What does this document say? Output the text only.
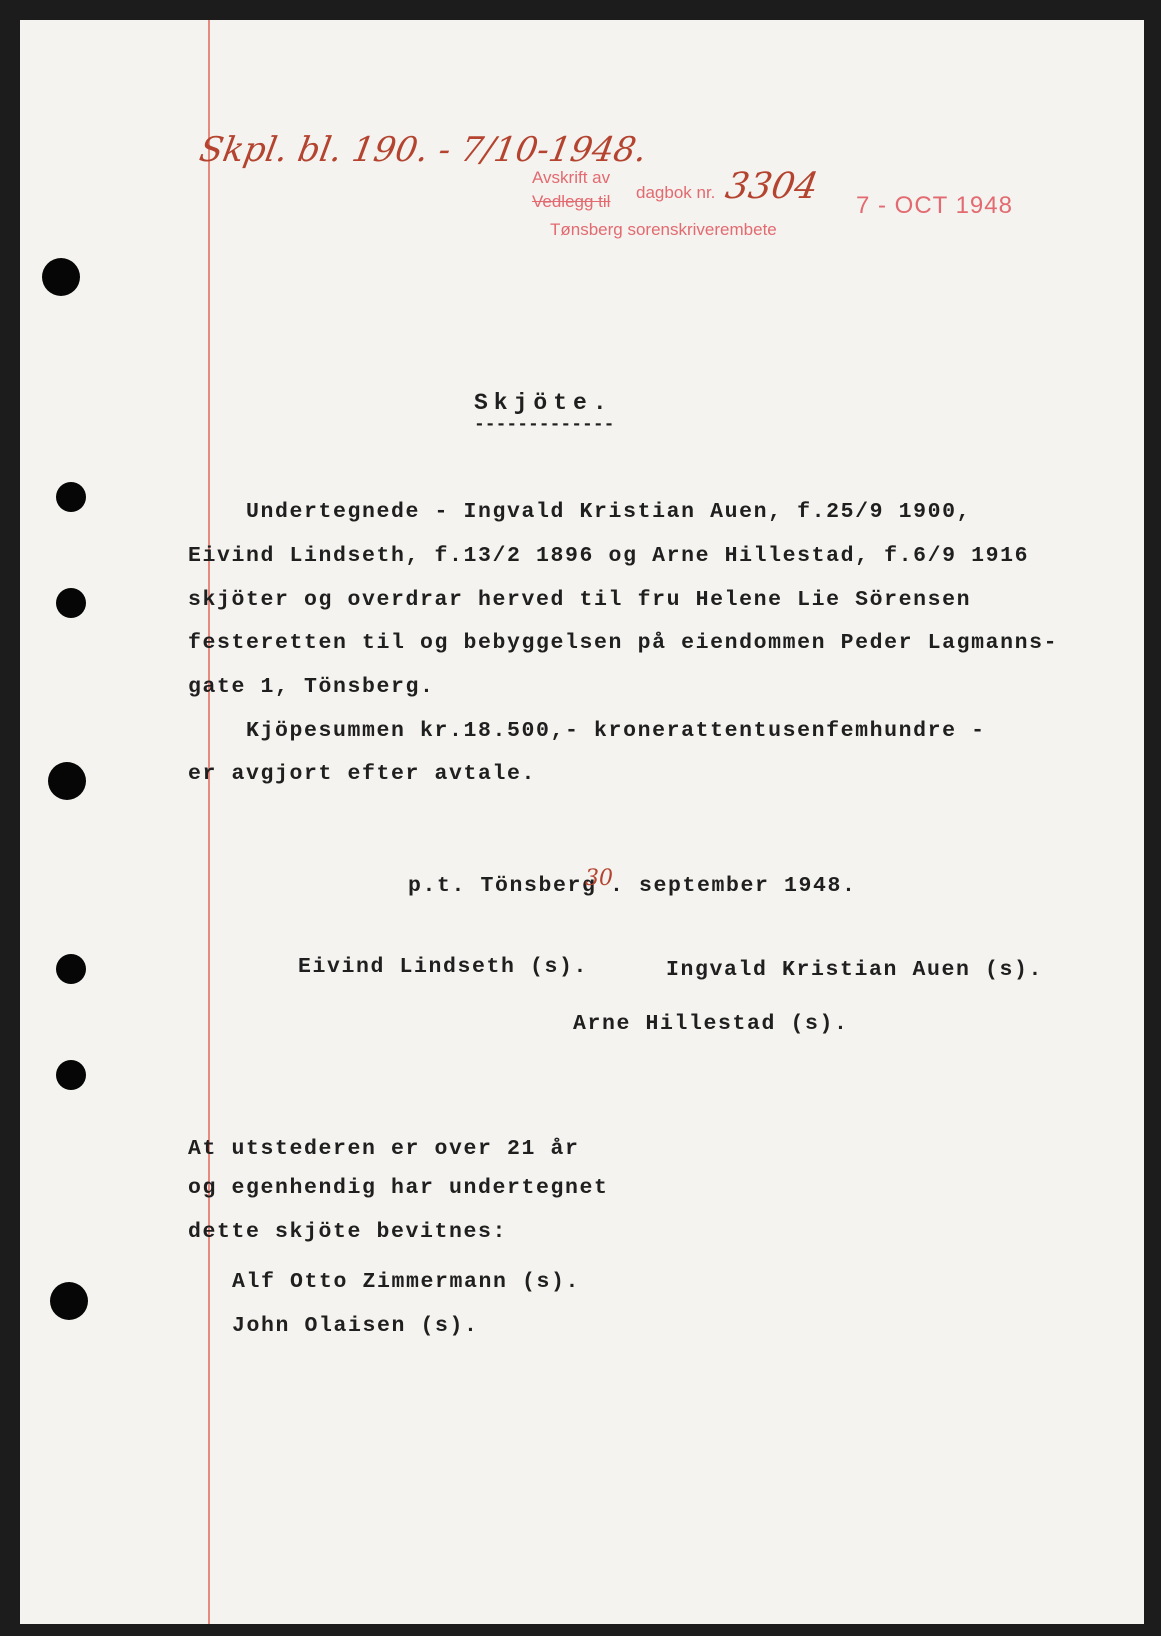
Skpl. bl. 190. - 7/10-1948.
Avskrift av
Vedlegg til dagbok nr. 3304
Tønsberg sorenskriverembete
7 - OCT 1948
Skjöte.
-------------
Undertegnede - Ingvald Kristian Auen, f.25/9 1900,
Eivind Lindseth, f.13/2 1896 og Arne Hillestad, f.6/9 1916
skjöter og overdrar herved til fru Helene Lie Sörensen
festeretten til og bebyggelsen på eiendommen Peder Lagmanns-
gate 1, Tönsberg.
Kjöpesummen kr.18.500,- kronerattentusenfemhundre -
er avgjort efter avtale.
p.t. Tönsberg
30
. september 1948.
Eivind Lindseth (s).	Ingvald Kristian Auen (s).
Arne Hillestad (s).
At utstederen er over 21 år
og egenhendig har undertegnet
dette skjöte bevitnes:
Alf Otto Zimmermann (s).
John Olaisen (s).
